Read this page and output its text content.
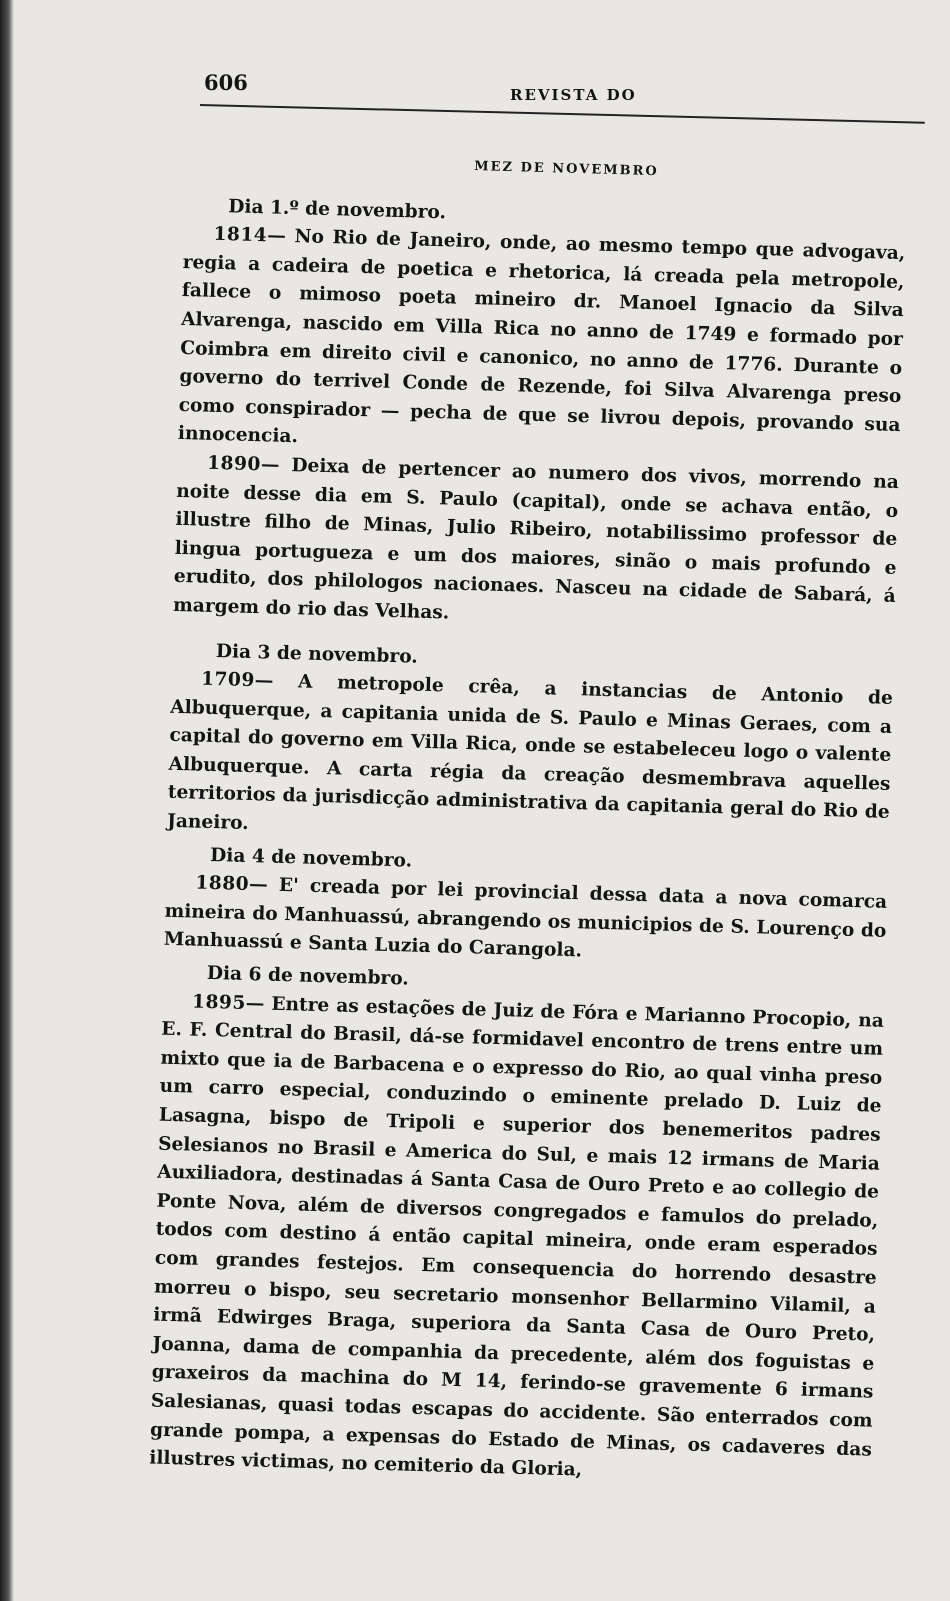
606	REVISTA DO
MEZ DE NOVEMBRO

Dia 1.º de novembro.

1814— No Rio de Janeiro, onde, ao mesmo tempo que advogava, regia a cadeira de poetica e rhetorica, lá creada pela metropole, fallece o mimoso poeta mineiro dr. Manoel Ignacio da Silva Alvarenga, nascido em Villa Rica no anno de 1749 e formado por Coimbra em direito civil e canonico, no anno de 1776. Durante o governo do terrivel Conde de Rezende, foi Silva Alvarenga preso como conspirador — pecha de que se livrou depois, provando sua innocencia.

1890— Deixa de pertencer ao numero dos vivos, morrendo na noite desse dia em S. Paulo (capital), onde se achava então, o illustre filho de Minas, Julio Ribeiro, notabilissimo professor de lingua portugueza e um dos maiores, sinão o mais profundo e erudito, dos philologos nacionaes. Nasceu na cidade de Sabará, á margem do rio das Velhas.

Dia 3 de novembro.

1709— A metropole crêa, a instancias de Antonio de Albuquerque, a capitania unida de S. Paulo e Minas Geraes, com a capital do governo em Villa Rica, onde se estabeleceu logo o valente Albuquerque. A carta régia da creação desmembrava aquelles territorios da jurisdicção administrativa da capitania geral do Rio de Janeiro.

Dia 4 de novembro.

1880— E' creada por lei provincial dessa data a nova comarca mineira do Manhuassú, abrangendo os municipios de S. Lourenço do Manhuassú e Santa Luzia do Carangola.

Dia 6 de novembro.

1895— Entre as estações de Juiz de Fóra e Marianno Procopio, na E. F. Central do Brasil, dá-se formidavel encontro de trens entre um mixto que ia de Barbacena e o expresso do Rio, ao qual vinha preso um carro especial, conduzindo o eminente prelado D. Luiz de Lasagna, bispo de Tripoli e superior dos benemeritos padres Selesianos no Brasil e America do Sul, e mais 12 irmans de Maria Auxiliadora, destinadas á Santa Casa de Ouro Preto e ao collegio de Ponte Nova, além de diversos congregados e famulos do prelado, todos com destino á então capital mineira, onde eram esperados com grandes festejos. Em consequencia do horrendo desastre morreu o bispo, seu secretario monsenhor Bellarmino Vilamil, a irmã Edwirges Braga, superiora da Santa Casa de Ouro Preto, Joanna, dama de companhia da precedente, além dos foguistas e graxeiros da machina do M 14, ferindo-se gravemente 6 irmans Salesianas, quasi todas escapas do accidente. São enterrados com grande pompa, a expensas do Estado de Minas, os cadaveres das illustres victimas, no cemiterio da Gloria,
